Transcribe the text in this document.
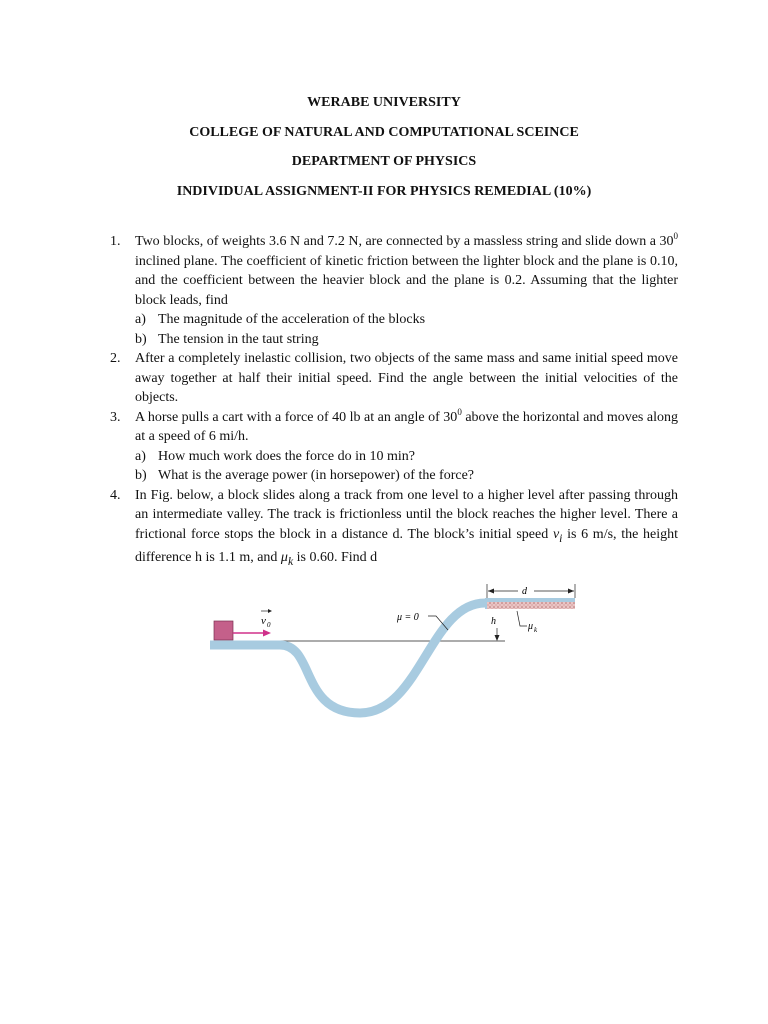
WERABE UNIVERSITY
COLLEGE OF NATURAL AND COMPUTATIONAL SCEINCE
DEPARTMENT OF PHYSICS
INDIVIDUAL ASSIGNMENT-II FOR PHYSICS REMEDIAL (10%)
1. Two blocks, of weights 3.6 N and 7.2 N, are connected by a massless string and slide down a $30^0$ inclined plane. The coefficient of kinetic friction between the lighter block and the plane is 0.10, and the coefficient between the heavier block and the plane is 0.2. Assuming that the lighter block leads, find
a) The magnitude of the acceleration of the blocks
b) The tension in the taut string
2. After a completely inelastic collision, two objects of the same mass and same initial speed move away together at half their initial speed. Find the angle between the initial velocities of the objects.
3. A horse pulls a cart with a force of 40 lb at an angle of $30^0$ above the horizontal and moves along at a speed of 6 mi/h.
a) How much work does the force do in 10 min?
b) What is the average power (in horsepower) of the force?
4. In Fig. below, a block slides along a track from one level to a higher level after passing through an intermediate valley. The track is frictionless until the block reaches the higher level. There a frictional force stops the block in a distance d. The block’s initial speed $v_i$ is 6 m/s, the height difference h is 1.1 m, and $\mu_k$ is 0.60. Find d
v 0
μ = 0
d
h	μ k
